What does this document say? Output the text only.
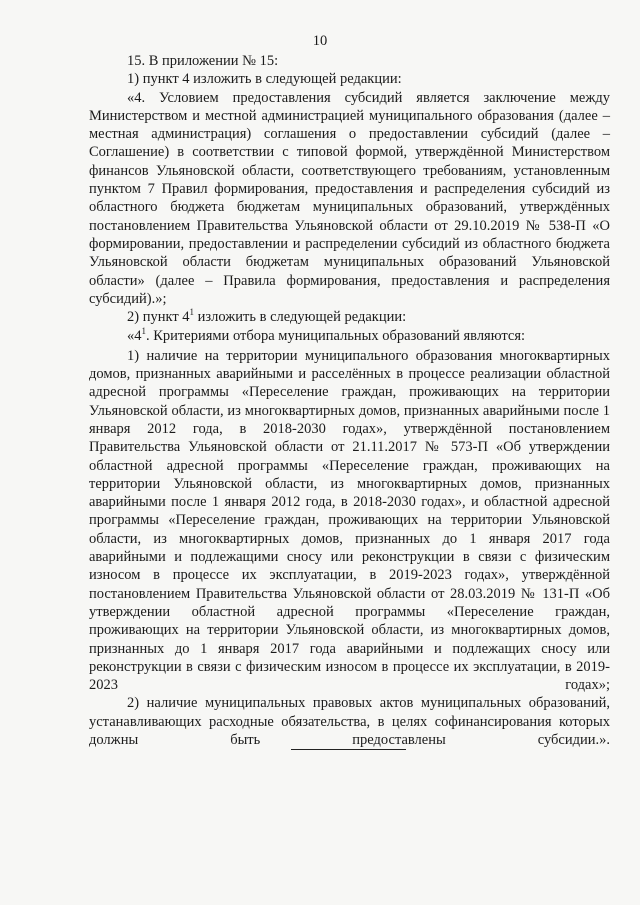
10

15. В приложении № 15:

1) пункт 4 изложить в следующей редакции:

«4. Условием предоставления субсидий является заключение между Министерством и местной администрацией муниципального образования (далее – местная администрация) соглашения о предоставлении субсидий (далее – Соглашение) в соответствии с типовой формой, утверждённой Министерством финансов Ульяновской области, соответствующего требованиям, установленным пунктом 7 Правил формирования, предоставления и распределения субсидий из областного бюджета бюджетам муниципальных образований, утверждённых постановлением Правительства Ульяновской области от 29.10.2019 № 538-П «О формировании, предоставлении и распределении субсидий из областного бюджета Ульяновской области бюджетам муниципальных образований Ульяновской области» (далее – Правила формирования, предоставления и распределения субсидий).»;

2) пункт $4^1$ изложить в следующей редакции:

«$4^1$. Критериями отбора муниципальных образований являются:

1) наличие на территории муниципального образования многоквартирных домов, признанных аварийными и расселённых в процессе реализации областной адресной программы «Переселение граждан, проживающих на территории Ульяновской области, из многоквартирных домов, признанных аварийными после 1 января 2012 года, в 2018-2030 годах», утверждённой постановлением Правительства Ульяновской области от 21.11.2017 № 573-П «Об утверждении областной адресной программы «Переселение граждан, проживающих на территории Ульяновской области, из многоквартирных домов, признанных аварийными после 1 января 2012 года, в 2018-2030 годах», и областной адресной программы «Переселение граждан, проживающих на территории Ульяновской области, из многоквартирных домов, признанных до 1 января 2017 года аварийными и подлежащими сносу или реконструкции в связи с физическим износом в процессе их эксплуатации, в 2019-2023 годах», утверждённой постановлением Правительства Ульяновской области от 28.03.2019 № 131-П «Об утверждении областной адресной программы «Переселение граждан, проживающих на территории Ульяновской области, из многоквартирных домов, признанных до 1 января 2017 года аварийными и подлежащих сносу или реконструкции в связи с физическим износом в процессе их эксплуатации, в 2019-2023 годах»;

2) наличие муниципальных правовых актов муниципальных образований, устанавливающих расходные обязательства, в целях софинансирования которых должны быть предоставлены субсидии.».
